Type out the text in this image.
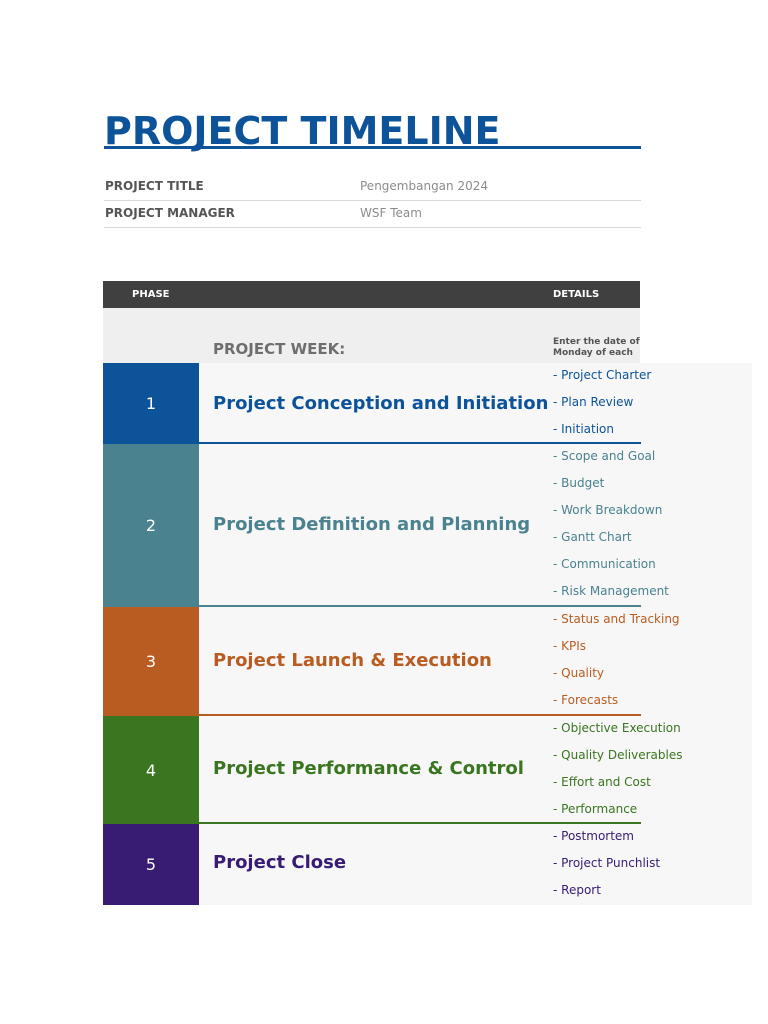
PROJECT TIMELINE
PROJECT TITLE	Pengembangan 2024
PROJECT MANAGER	WSF Team
PHASE	DETAILS
PROJECT WEEK:	Enter the date of
Monday of each
1	Project Conception and Initiation
- Project Charter
- Plan Review
- Initiation
2	Project Definition and Planning
- Scope and Goal
- Budget
- Work Breakdown
- Gantt Chart
- Communication
- Risk Management
3	Project Launch & Execution
- Status and Tracking
- KPIs
- Quality
- Forecasts
4	Project Performance & Control
- Objective Execution
- Quality Deliverables
- Effort and Cost
- Performance
5	Project Close
- Postmortem
- Project Punchlist
- Report
